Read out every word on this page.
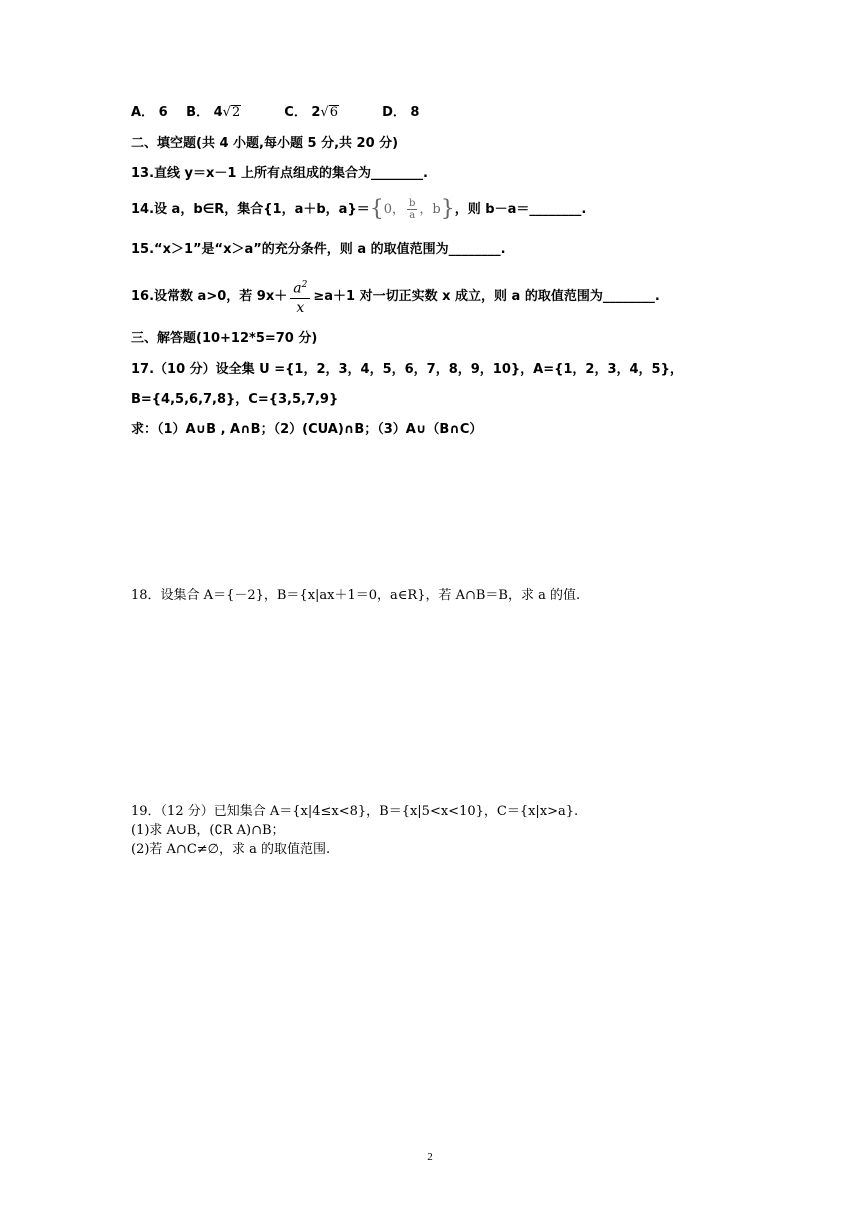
A． 6 B． 4√2	C． 2√6	D． 8
二、填空题(共 4 小题,每小题 5 分,共 20 分)
13.直线 y＝x－1 上所有点组成的集合为________.
14.设 a，b∈R，集合{1，a＋b，a}＝{0， $\frac{b}{a}$ ，b}，则 b－a＝________.
15.“x＞1”是“x＞a”的充分条件，则 a 的取值范围为________.
16.设常数 a>0，若 $9x+ \frac{a^2}{x} \ge a+1$ 对一切正实数 x 成立，则 a 的取值范围为________.
三、解答题(10+12*5=70 分)
17.（10 分）设全集 U ={1，2，3，4，5，6，7，8，9，10}，A={1，2，3，4，5}，
B={4,5,6,7,8}，C={3,5,7,9}
求：（1）A∪B , A∩B；（2）(CUA)∩B；（3）A∪（B∩C）
18．设集合 A＝{－2}，B＝{x|ax＋1＝0，a∈R}，若 A∩B＝B，求 a 的值.
19．（12 分）已知集合 A＝{x|4≤x<8}，B＝{x|5<x<10}，C＝{x|x>a}.
(1)求 A∪B，(∁R A)∩B；
(2)若 A∩C≠∅，求 a 的取值范围.
2
